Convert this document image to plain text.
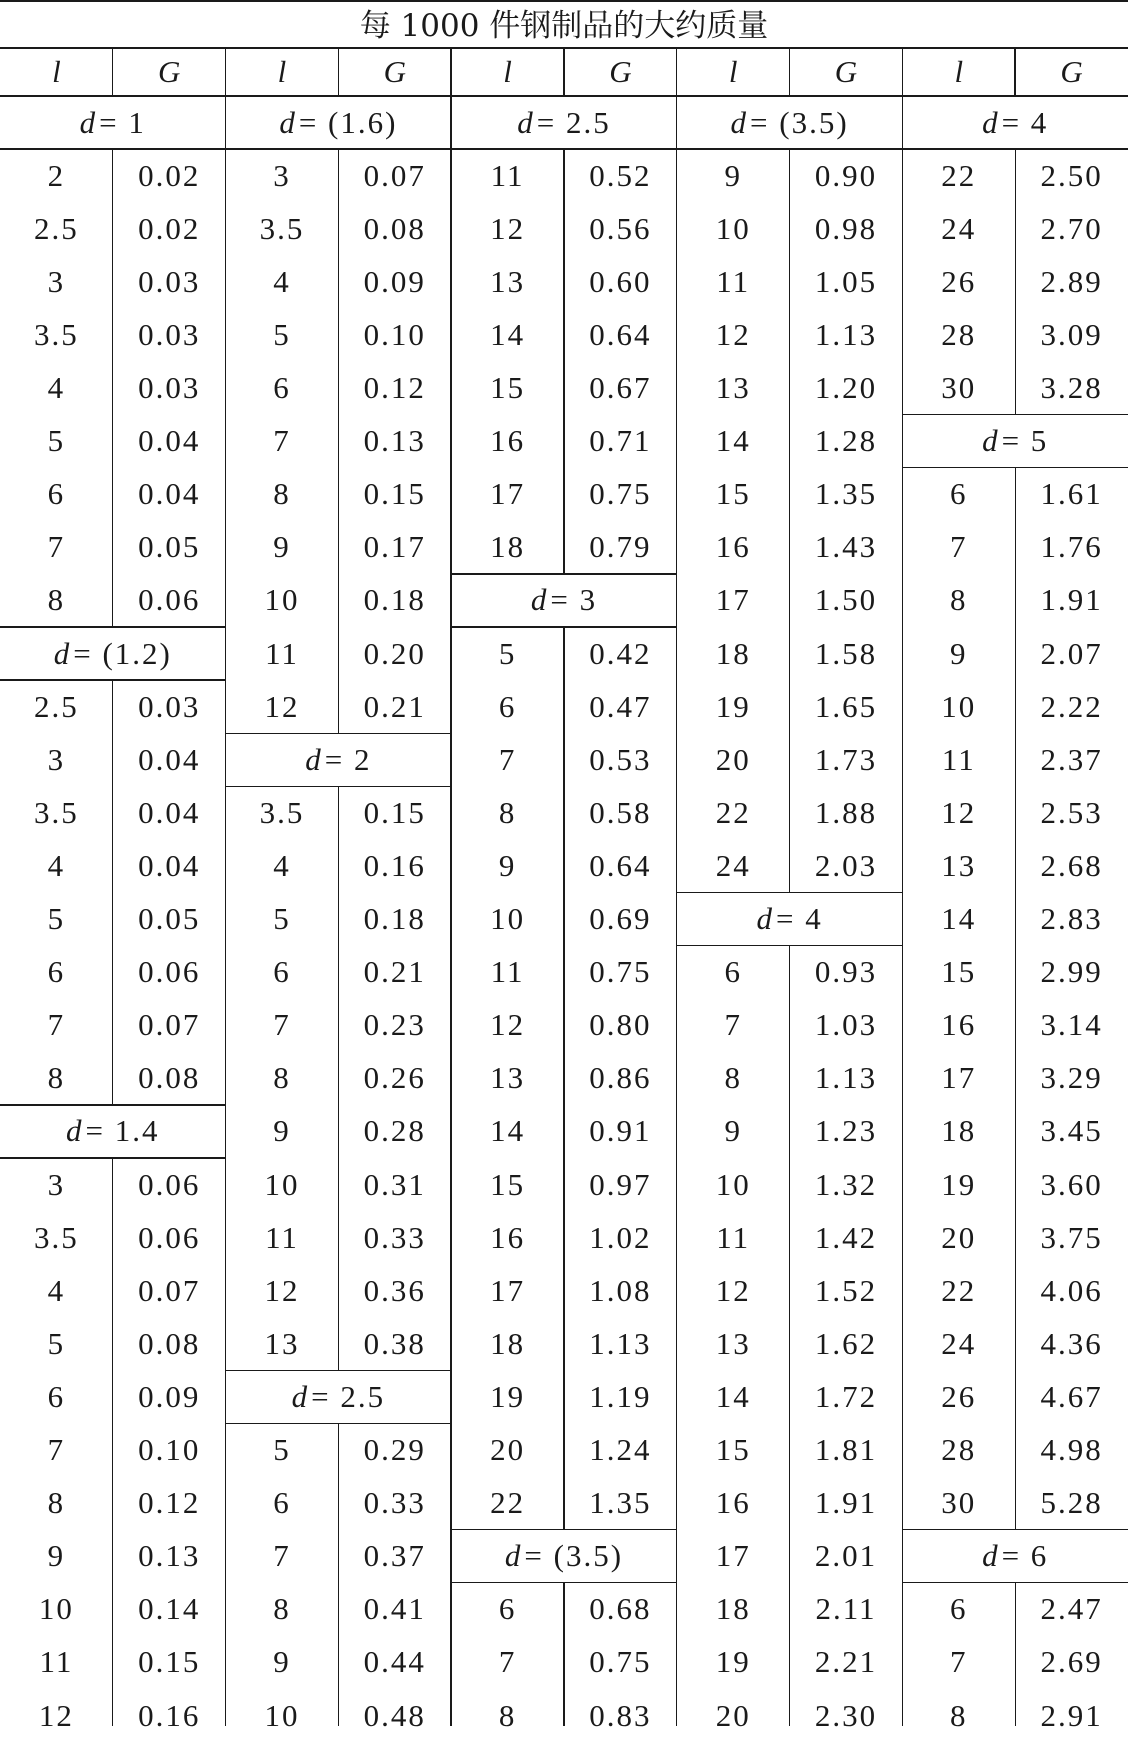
每 1000 件钢制品的大约质量
l	G	l	G	l	G	l	G	l	G
d = 1
2	0.02
2.5	0.02
3	0.03
3.5	0.03
4	0.03
5	0.04
6	0.04
7	0.05
8	0.06
d = (1.2)
2.5	0.03
3	0.04
3.5	0.04
4	0.04
5	0.05
6	0.06
7	0.07
8	0.08
d = 1.4
3	0.06
3.5	0.06
4	0.07
5	0.08
6	0.09
7	0.10
8	0.12
9	0.13
10	0.14
11	0.15
12	0.16
d = (1.6)
3	0.07
3.5	0.08
4	0.09
5	0.10
6	0.12
7	0.13
8	0.15
9	0.17
10	0.18
11	0.20
12	0.21
d = 2
3.5	0.15
4	0.16
5	0.18
6	0.21
7	0.23
8	0.26
9	0.28
10	0.31
11	0.33
12	0.36
13	0.38
d = 2.5
5	0.29
6	0.33
7	0.37
8	0.41
9	0.44
10	0.48
d = 2.5
11	0.52
12	0.56
13	0.60
14	0.64
15	0.67
16	0.71
17	0.75
18	0.79
d = 3
5	0.42
6	0.47
7	0.53
8	0.58
9	0.64
10	0.69
11	0.75
12	0.80
13	0.86
14	0.91
15	0.97
16	1.02
17	1.08
18	1.13
19	1.19
20	1.24
22	1.35
d = (3.5)
6	0.68
7	0.75
8	0.83
d = (3.5)
9	0.90
10	0.98
11	1.05
12	1.13
13	1.20
14	1.28
15	1.35
16	1.43
17	1.50
18	1.58
19	1.65
20	1.73
22	1.88
24	2.03
d = 4
6	0.93
7	1.03
8	1.13
9	1.23
10	1.32
11	1.42
12	1.52
13	1.62
14	1.72
15	1.81
16	1.91
17	2.01
18	2.11
19	2.21
20	2.30
d = 4
22	2.50
24	2.70
26	2.89
28	3.09
30	3.28
d = 5
6	1.61
7	1.76
8	1.91
9	2.07
10	2.22
11	2.37
12	2.53
13	2.68
14	2.83
15	2.99
16	3.14
17	3.29
18	3.45
19	3.60
20	3.75
22	4.06
24	4.36
26	4.67
28	4.98
30	5.28
d = 6
6	2.47
7	2.69
8	2.91
